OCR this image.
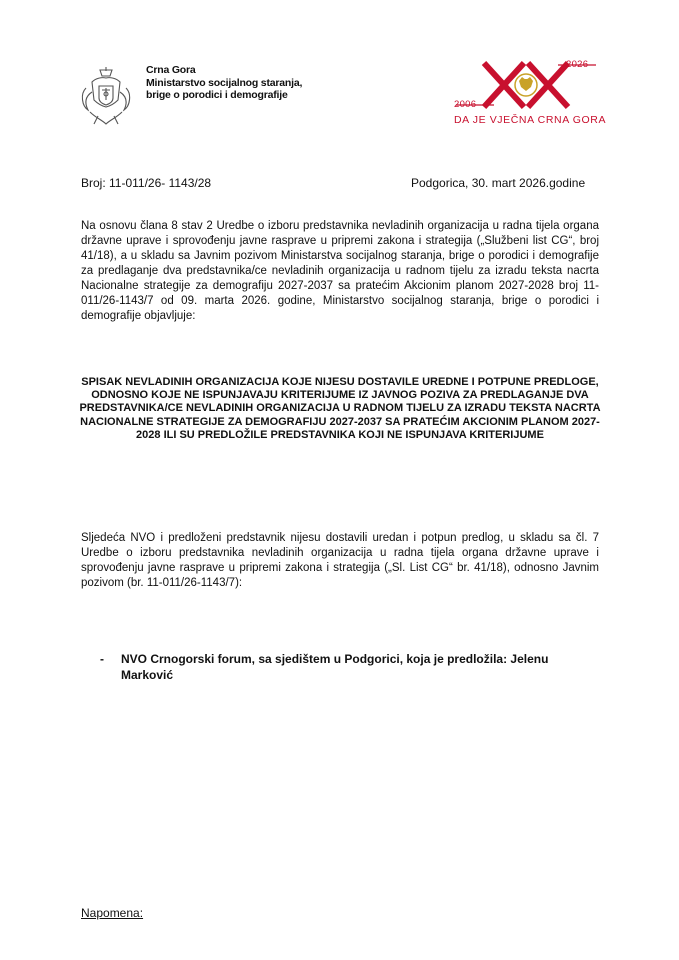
Crna Gora
Ministarstvo socijalnog staranja,
brige o porodici i demografije
2026
2006
DA JE VJEČNA CRNA GORA
Broj: 11-011/26- 1143/28	Podgorica, 30. mart 2026.godine
Na osnovu člana 8 stav 2 Uredbe o izboru predstavnika nevladinih organizacija u radna tijela organa državne uprave i sprovođenju javne rasprave u pripremi zakona i strategija („Službeni list CG“, broj 41/18), a u skladu sa Javnim pozivom Ministarstva socijalnog staranja, brige o porodici i demografije za predlaganje dva predstavnika/ce nevladinih organizacija u radnom tijelu za izradu teksta nacrta Nacionalne strategije za demografiju 2027-2037 sa pratećim Akcionim planom 2027-2028 broj 11-011/26-1143/7 od 09. marta 2026. godine, Ministarstvo socijalnog staranja, brige o porodici i demografije objavljuje:
SPISAK NEVLADINIH ORGANIZACIJA KOJE NIJESU DOSTAVILE UREDNE I POTPUNE PREDLOGE, ODNOSNO KOJE NE ISPUNJAVAJU KRITERIJUME IZ JAVNOG POZIVA ZA PREDLAGANJE DVA PREDSTAVNIKA/CE NEVLADINIH ORGANIZACIJA U RADNOM TIJELU ZA IZRADU TEKSTA NACRTA NACIONALNE STRATEGIJE ZA DEMOGRAFIJU 2027-2037 SA PRATEĆIM AKCIONIM PLANOM 2027-2028 ILI SU PREDLOŽILE PREDSTAVNIKA KOJI NE ISPUNJAVA KRITERIJUME
Sljedeća NVO i predloženi predstavnik nijesu dostavili uredan i potpun predlog, u skladu sa čl. 7 Uredbe o izboru predstavnika nevladinih organizacija u radna tijela organa državne uprave i sprovođenju javne rasprave u pripremi zakona i strategija („Sl. List CG“ br. 41/18), odnosno Javnim pozivom (br. 11-011/26-1143/7):
- NVO Crnogorski forum, sa sjedištem u Podgorici, koja je predložila: Jelenu Marković
Napomena:
